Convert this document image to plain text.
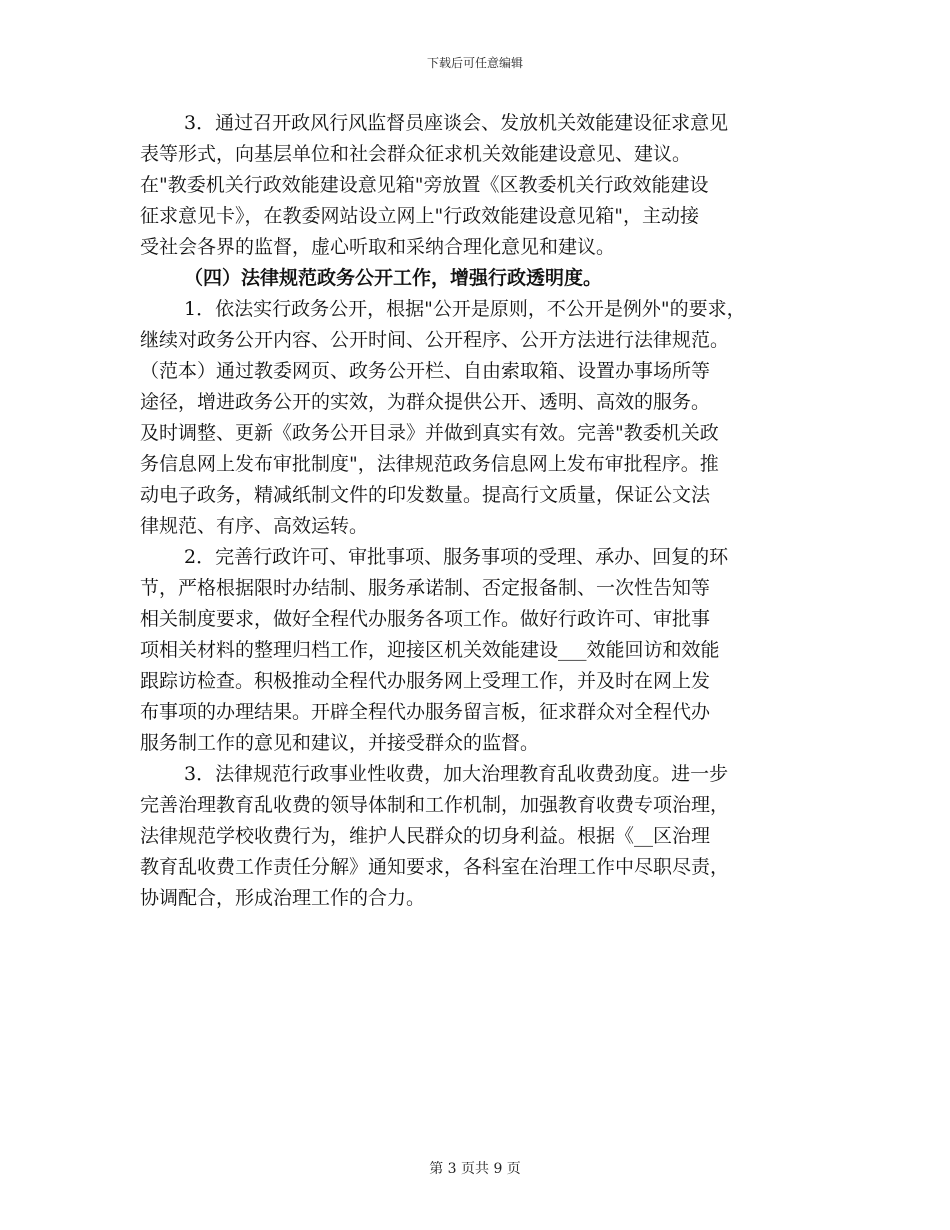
下载后可任意编辑
3．通过召开政风行风监督员座谈会、发放机关效能建设征求意见
表等形式，向基层单位和社会群众征求机关效能建设意见、建议。
在"教委机关行政效能建设意见箱"旁放置《区教委机关行政效能建设
征求意见卡》，在教委网站设立网上"行政效能建设意见箱"，主动接
受社会各界的监督，虚心听取和采纳合理化意见和建议。
（四）法律规范政务公开工作，增强行政透明度。
1．依法实行政务公开，根据"公开是原则，不公开是例外"的要求，
继续对政务公开内容、公开时间、公开程序、公开方法进行法律规范。
（范本）通过教委网页、政务公开栏、自由索取箱、设置办事场所等
途径，增进政务公开的实效，为群众提供公开、透明、高效的服务。
及时调整、更新《政务公开目录》并做到真实有效。完善"教委机关政
务信息网上发布审批制度"，法律规范政务信息网上发布审批程序。推
动电子政务，精减纸制文件的印发数量。提高行文质量，保证公文法
律规范、有序、高效运转。
2．完善行政许可、审批事项、服务事项的受理、承办、回复的环
节，严格根据限时办结制、服务承诺制、否定报备制、一次性告知等
相关制度要求，做好全程代办服务各项工作。做好行政许可、审批事
项相关材料的整理归档工作，迎接区机关效能建设___效能回访和效能
跟踪访检查。积极推动全程代办服务网上受理工作，并及时在网上发
布事项的办理结果。开辟全程代办服务留言板，征求群众对全程代办
服务制工作的意见和建议，并接受群众的监督。
3．法律规范行政事业性收费，加大治理教育乱收费劲度。进一步
完善治理教育乱收费的领导体制和工作机制，加强教育收费专项治理，
法律规范学校收费行为，维护人民群众的切身利益。根据《__区治理
教育乱收费工作责任分解》通知要求，各科室在治理工作中尽职尽责，
协调配合，形成治理工作的合力。
第 3 页共 9 页
